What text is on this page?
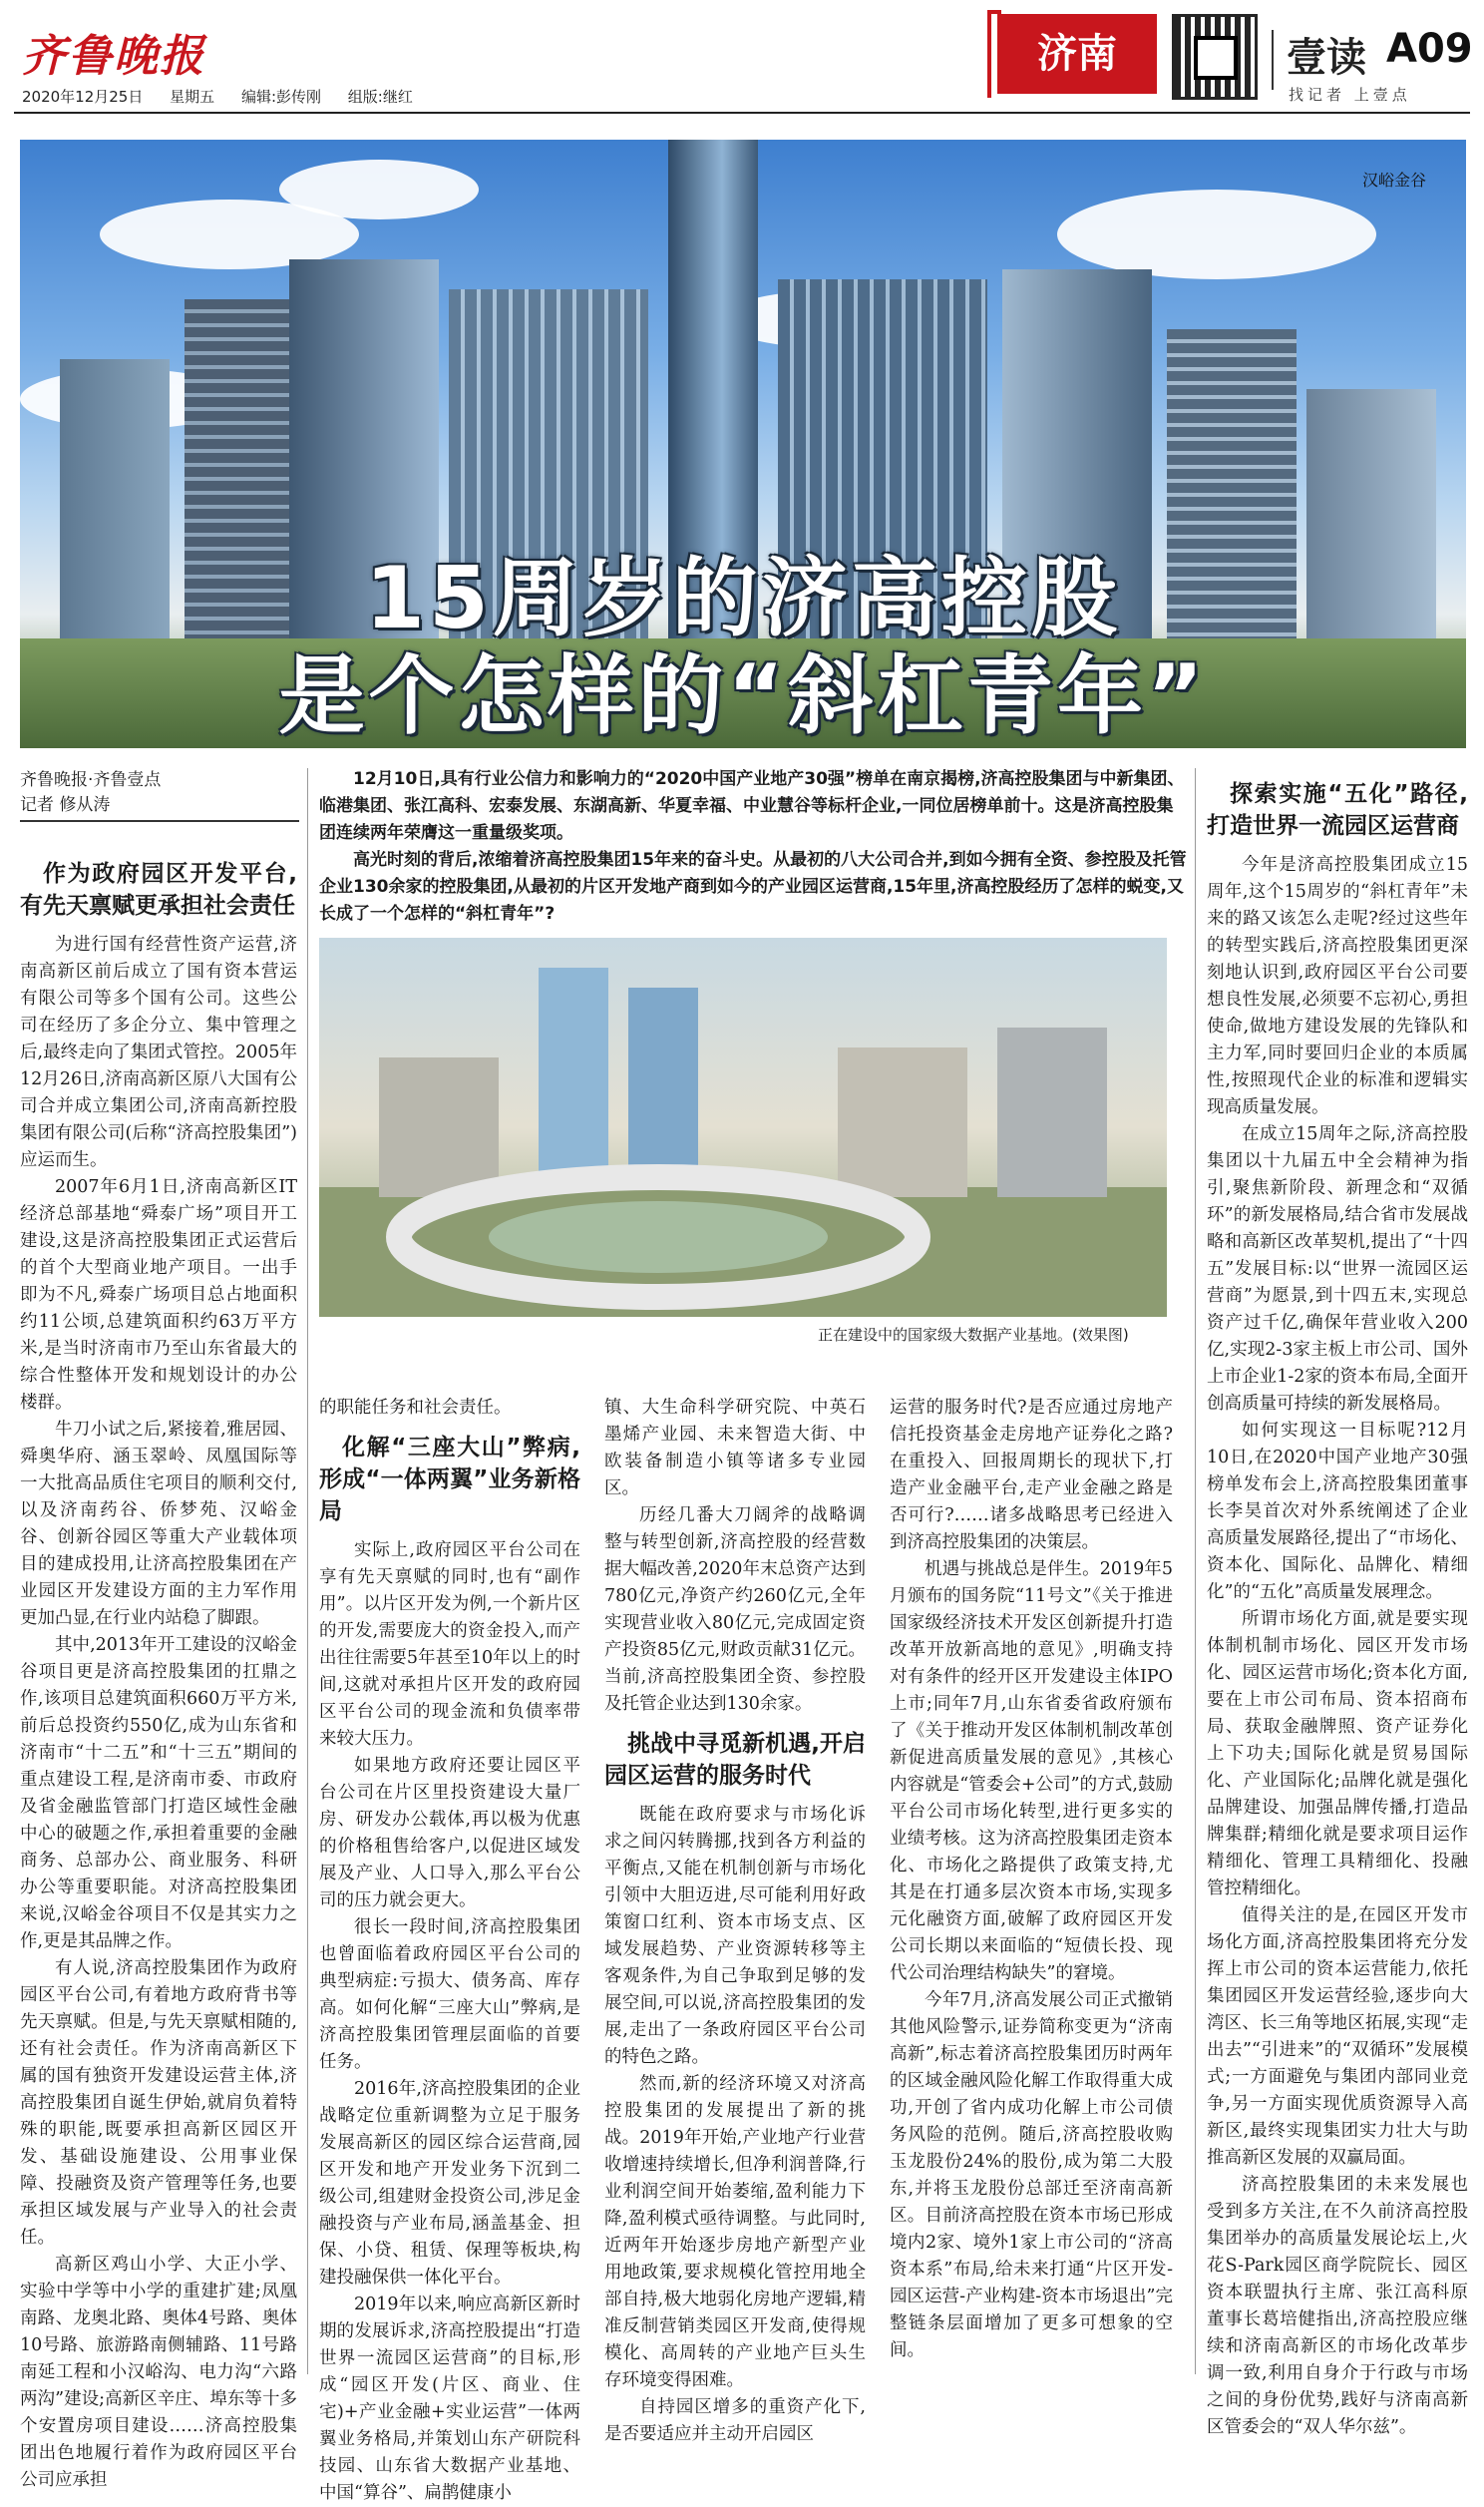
齐鲁晚报
2020年12月25日 星期五 编辑:彭传刚 组版:继红
济南	壹读 A09
找记者 上壹点
汉峪金谷
15周岁的济高控股
是个怎样的“斜杠青年”
齐鲁晚报·齐鲁壹点
记者 修从涛

12月10日,具有行业公信力和影响力的“2020中国产业地产30强”榜单在南京揭榜,济高控股集团与中新集团、临港集团、张江高科、宏泰发展、东湖高新、华夏幸福、中业慧谷等标杆企业,一同位居榜单前十。这是济高控股集团连续两年荣膺这一重量级奖项。

高光时刻的背后,浓缩着济高控股集团15年来的奋斗史。从最初的八大公司合并,到如今拥有全资、参控股及托管企业130余家的控股集团,从最初的片区开发地产商到如今的产业园区运营商,15年里,济高控股经历了怎样的蜕变,又长成了一个怎样的“斜杠青年”?

正在建设中的国家级大数据产业基地。(效果图)
作为政府园区开发平台,有先天禀赋更承担社会责任

为进行国有经营性资产运营,济南高新区前后成立了国有资本营运有限公司等多个国有公司。这些公司在经历了多企分立、集中管理之后,最终走向了集团式管控。2005年12月26日,济南高新区原八大国有公司合并成立集团公司,济南高新控股集团有限公司(后称“济高控股集团”)应运而生。

2007年6月1日,济南高新区IT经济总部基地“舜泰广场”项目开工建设,这是济高控股集团正式运营后的首个大型商业地产项目。一出手即为不凡,舜泰广场项目总占地面积约11公顷,总建筑面积约63万平方米,是当时济南市乃至山东省最大的综合性整体开发和规划设计的办公楼群。

牛刀小试之后,紧接着,雅居园、舜奥华府、涵玉翠岭、凤凰国际等一大批高品质住宅项目的顺利交付,以及济南药谷、侨梦苑、汉峪金谷、创新谷园区等重大产业载体项目的建成投用,让济高控股集团在产业园区开发建设方面的主力军作用更加凸显,在行业内站稳了脚跟。

其中,2013年开工建设的汉峪金谷项目更是济高控股集团的扛鼎之作,该项目总建筑面积660万平方米,前后总投资约550亿,成为山东省和济南市“十二五”和“十三五”期间的重点建设工程,是济南市委、市政府及省金融监管部门打造区域性金融中心的破题之作,承担着重要的金融商务、总部办公、商业服务、科研办公等重要职能。对济高控股集团来说,汉峪金谷项目不仅是其实力之作,更是其品牌之作。

有人说,济高控股集团作为政府园区平台公司,有着地方政府背书等先天禀赋。但是,与先天禀赋相随的,还有社会责任。作为济南高新区下属的国有独资开发建设运营主体,济高控股集团自诞生伊始,就肩负着特殊的职能,既要承担高新区园区开发、基础设施建设、公用事业保障、投融资及资产管理等任务,也要承担区域发展与产业导入的社会责任。

高新区鸡山小学、大正小学、实验中学等中小学的重建扩建;凤凰南路、龙奥北路、奥体4号路、奥体10号路、旅游路南侧辅路、11号路南延工程和小汉峪沟、电力沟“六路两沟”建设;高新区辛庄、埠东等十多个安置房项目建设……济高控股集团出色地履行着作为政府园区平台公司应承担

的职能任务和社会责任。
化解“三座大山”弊病,形成“一体两翼”业务新格局

实际上,政府园区平台公司在享有先天禀赋的同时,也有“副作用”。以片区开发为例,一个新片区的开发,需要庞大的资金投入,而产出往往需要5年甚至10年以上的时间,这就对承担片区开发的政府园区平台公司的现金流和负债率带来较大压力。

如果地方政府还要让园区平台公司在片区里投资建设大量厂房、研发办公载体,再以极为优惠的价格租售给客户,以促进区域发展及产业、人口导入,那么平台公司的压力就会更大。

很长一段时间,济高控股集团也曾面临着政府园区平台公司的典型病症:亏损大、债务高、库存高。如何化解“三座大山”弊病,是济高控股集团管理层面临的首要任务。

2016年,济高控股集团的企业战略定位重新调整为立足于服务发展高新区的园区综合运营商,园区开发和地产开发业务下沉到二级公司,组建财金投资公司,涉足金融投资与产业布局,涵盖基金、担保、小贷、租赁、保理等板块,构建投融保供一体化平台。

2019年以来,响应高新区新时期的发展诉求,济高控股提出“打造世界一流园区运营商”的目标,形成“园区开发(片区、商业、住宅)+产业金融+实业运营”一体两翼业务格局,并策划山东产研院科技园、山东省大数据产业基地、中国“算谷”、扁鹊健康小

镇、大生命科学研究院、中英石墨烯产业园、未来智造大街、中欧装备制造小镇等诸多专业园区。

历经几番大刀阔斧的战略调整与转型创新,济高控股的经营数据大幅改善,2020年末总资产达到780亿元,净资产约260亿元,全年实现营业收入80亿元,完成固定资产投资85亿元,财政贡献31亿元。当前,济高控股集团全资、参控股及托管企业达到130余家。

挑战中寻觅新机遇,开启园区运营的服务时代

既能在政府要求与市场化诉求之间闪转腾挪,找到各方利益的平衡点,又能在机制创新与市场化引领中大胆迈进,尽可能利用好政策窗口红利、资本市场支点、区域发展趋势、产业资源转移等主客观条件,为自己争取到足够的发展空间,可以说,济高控股集团的发展,走出了一条政府园区平台公司的特色之路。

然而,新的经济环境又对济高控股集团的发展提出了新的挑战。2019年开始,产业地产行业营收增速持续增长,但净利润普降,行业利润空间开始萎缩,盈利能力下降,盈利模式亟待调整。与此同时,近两年开始逐步房地产新型产业用地政策,要求规模化管控用地全部自持,极大地弱化房地产逻辑,精准反制营销类园区开发商,使得规模化、高周转的产业地产巨头生存环境变得困难。

自持园区增多的重资产化下,是否要适应并主动开启园区

运营的服务时代?是否应通过房地产信托投资基金走房地产证券化之路?在重投入、回报周期长的现状下,打造产业金融平台,走产业金融之路是否可行?……诸多战略思考已经进入到济高控股集团的决策层。

机遇与挑战总是伴生。2019年5月颁布的国务院“11号文”《关于推进国家级经济技术开发区创新提升打造改革开放新高地的意见》,明确支持对有条件的经开区开发建设主体IPO上市;同年7月,山东省委省政府颁布了《关于推动开发区体制机制改革创新促进高质量发展的意见》,其核心内容就是“管委会+公司”的方式,鼓励平台公司市场化转型,进行更多实的业绩考核。这为济高控股集团走资本化、市场化之路提供了政策支持,尤其是在打通多层次资本市场,实现多元化融资方面,破解了政府园区开发公司长期以来面临的“短债长投、现代公司治理结构缺失”的窘境。

今年7月,济高发展公司正式撤销其他风险警示,证券简称变更为“济南高新”,标志着济高控股集团历时两年的区域金融风险化解工作取得重大成功,开创了省内成功化解上市公司债务风险的范例。随后,济高控股收购玉龙股份24%的股份,成为第二大股东,并将玉龙股份总部迁至济南高新区。目前济高控股在资本市场已形成境内2家、境外1家上市公司的“济高资本系”布局,给未来打通“片区开发-园区运营-产业构建-资本市场退出”完整链条层面增加了更多可想象的空间。

探索实施“五化”路径,打造世界一流园区运营商

今年是济高控股集团成立15周年,这个15周岁的“斜杠青年”未来的路又该怎么走呢?经过这些年的转型实践后,济高控股集团更深刻地认识到,政府园区平台公司要想良性发展,必须要不忘初心,勇担使命,做地方建设发展的先锋队和主力军,同时要回归企业的本质属性,按照现代企业的标准和逻辑实现高质量发展。

在成立15周年之际,济高控股集团以十九届五中全会精神为指引,聚焦新阶段、新理念和“双循环”的新发展格局,结合省市发展战略和高新区改革契机,提出了“十四五”发展目标:以“世界一流园区运营商”为愿景,到十四五末,实现总资产过千亿,确保年营业收入200亿,实现2-3家主板上市公司、国外上市企业1-2家的资本布局,全面开创高质量可持续的新发展格局。

如何实现这一目标呢?12月10日,在2020中国产业地产30强榜单发布会上,济高控股集团董事长李昊首次对外系统阐述了企业高质量发展路径,提出了“市场化、资本化、国际化、品牌化、精细化”的“五化”高质量发展理念。

所谓市场化方面,就是要实现体制机制市场化、园区开发市场化、园区运营市场化;资本化方面,要在上市公司布局、资本招商布局、获取金融牌照、资产证券化上下功夫;国际化就是贸易国际化、产业国际化;品牌化就是强化品牌建设、加强品牌传播,打造品牌集群;精细化就是要求项目运作精细化、管理工具精细化、投融管控精细化。

值得关注的是,在园区开发市场化方面,济高控股集团将充分发挥上市公司的资本运营能力,依托集团园区开发运营经验,逐步向大湾区、长三角等地区拓展,实现“走出去”“引进来”的“双循环”发展模式;一方面避免与集团内部同业竞争,另一方面实现优质资源导入高新区,最终实现集团实力壮大与助推高新区发展的双赢局面。

济高控股集团的未来发展也受到多方关注,在不久前济高控股集团举办的高质量发展论坛上,火花S-Park园区商学院院长、园区资本联盟执行主席、张江高科原董事长葛培健指出,济高控股应继续和济南高新区的市场化改革步调一致,利用自身介于行政与市场之间的身份优势,践好与济南高新区管委会的“双人华尔兹”。
